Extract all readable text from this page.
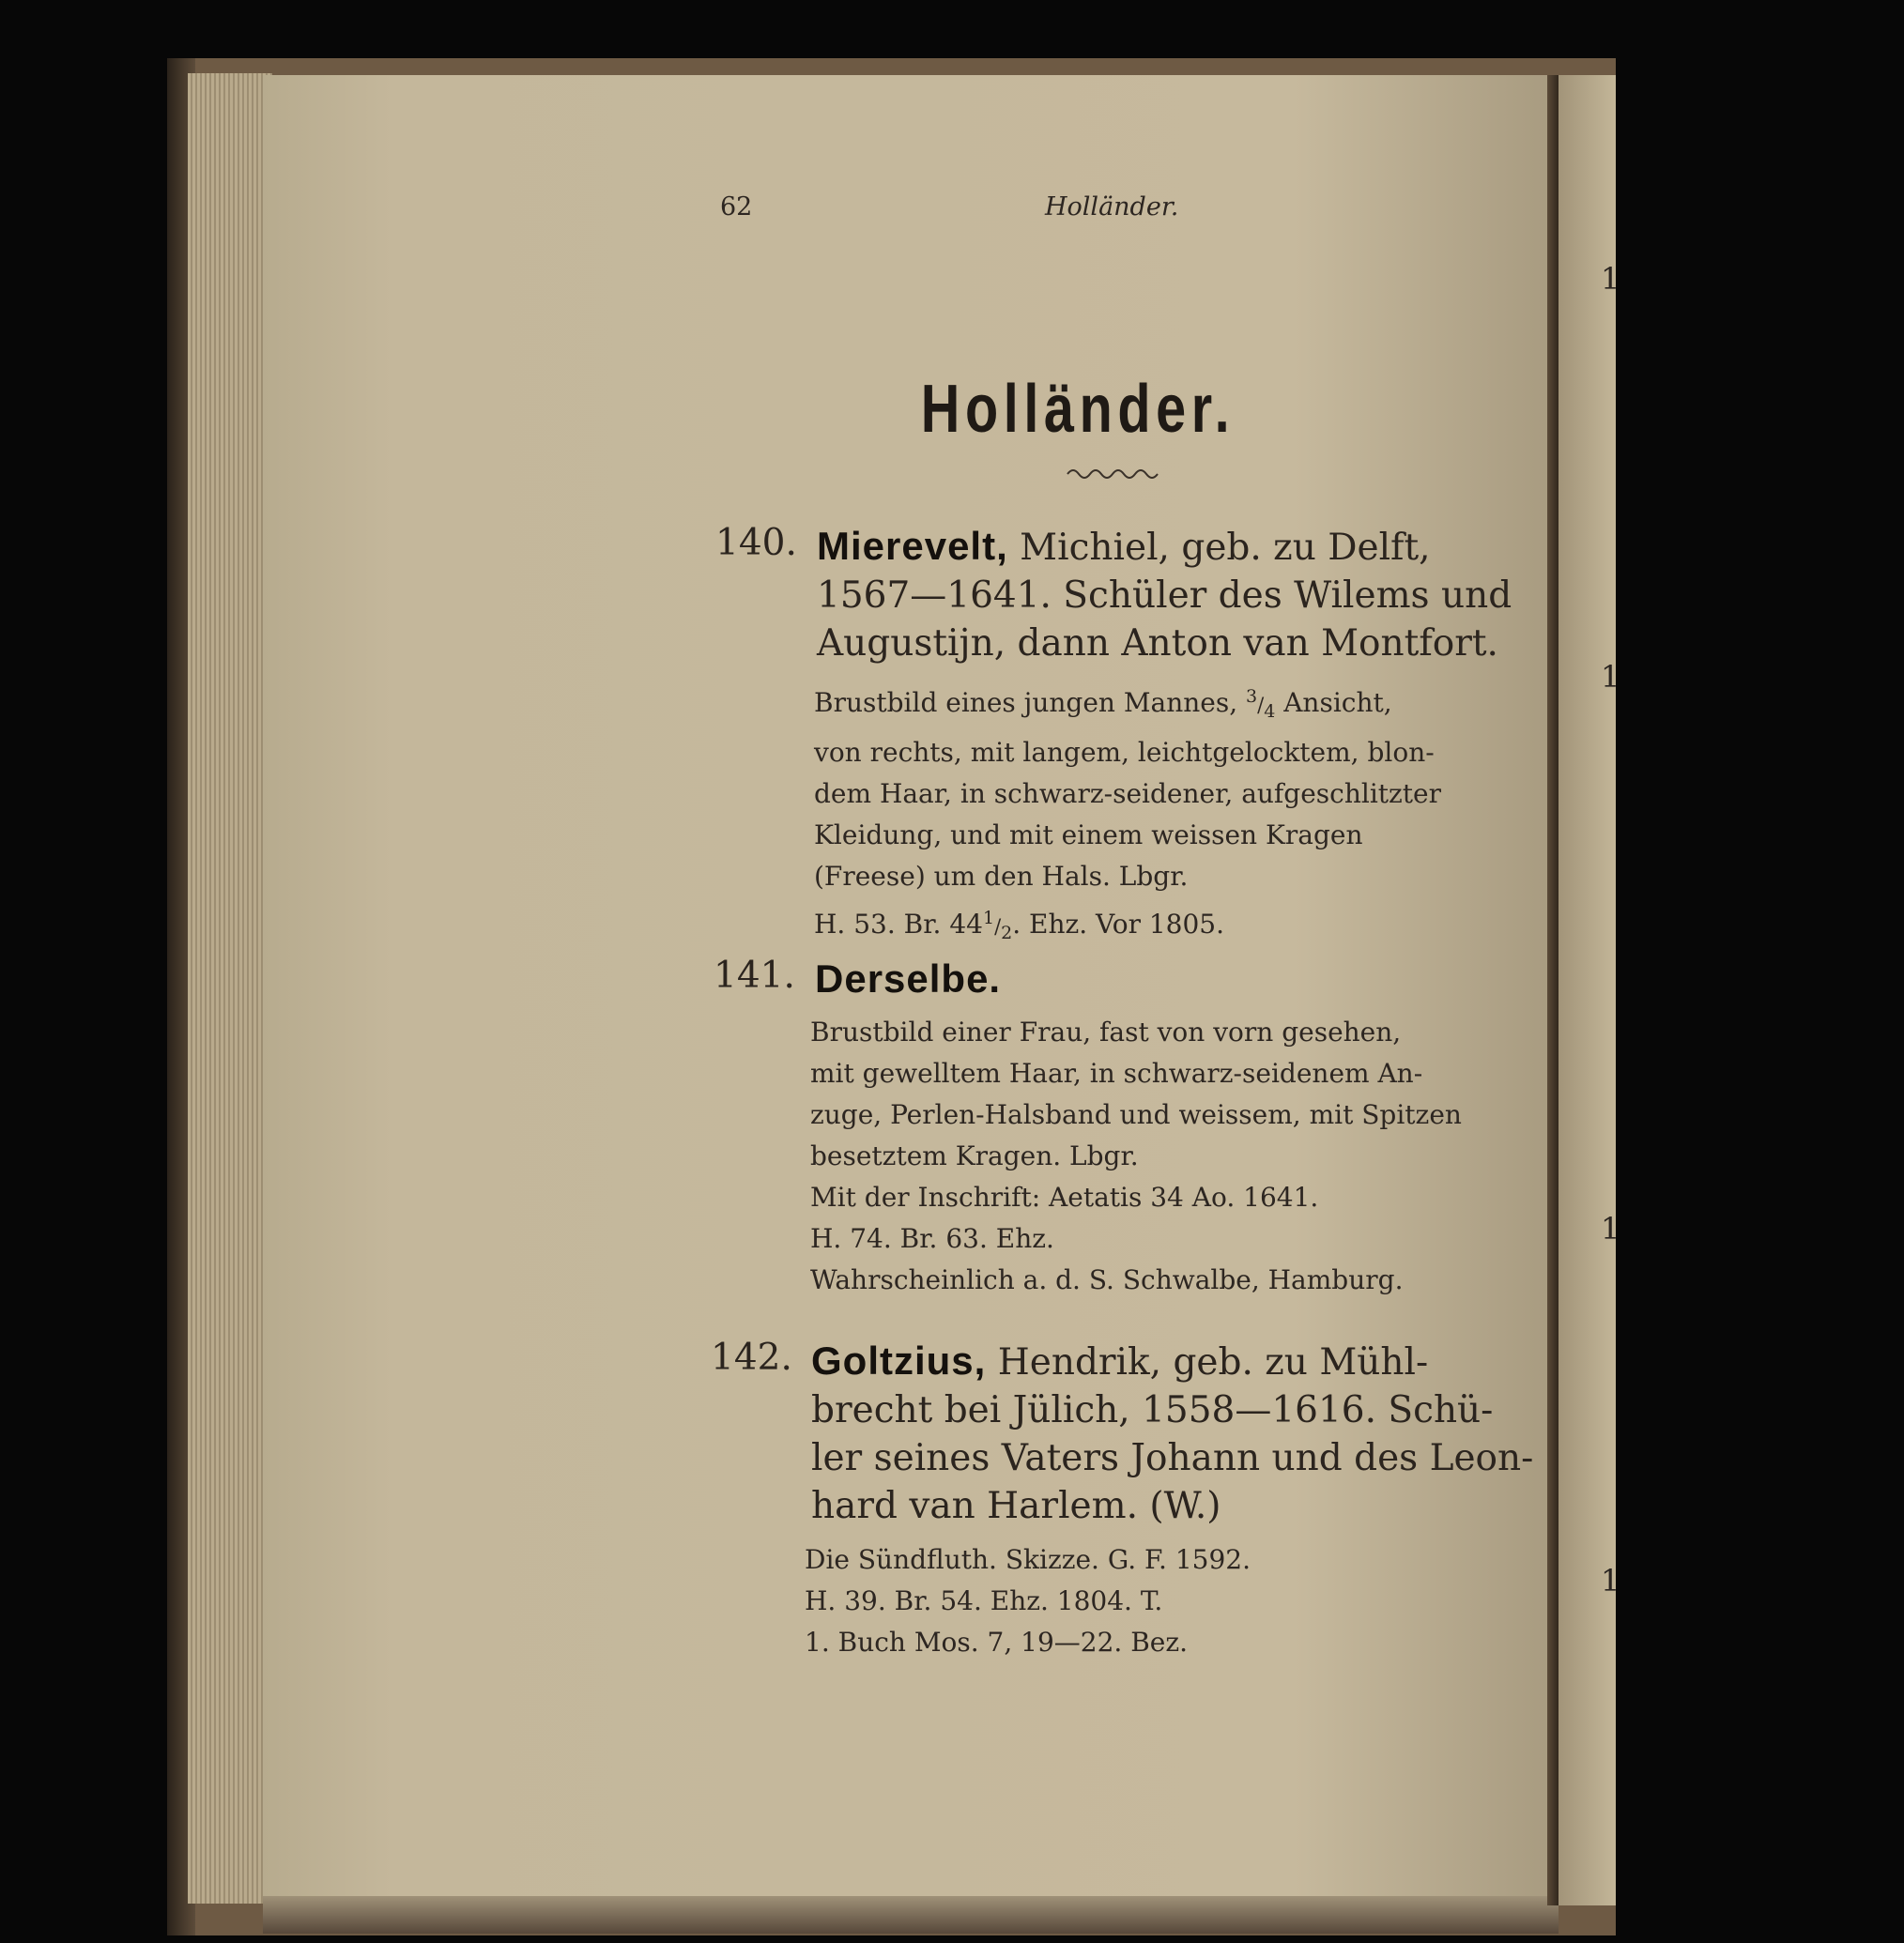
62	Holländer.
Holländer.
140. Mierevelt, Michiel, geb. zu Delft,
1567—1641. Schüler des Wilems und
Augustijn, dann Anton van Montfort.
Brustbild eines jungen Mannes, 3/4 Ansicht,
von rechts, mit langem, leichtgelocktem, blon-
dem Haar, in schwarz-seidener, aufgeschlitzter
Kleidung, und mit einem weissen Kragen
(Freese) um den Hals. Lbgr.
H. 53. Br. 441/2. Ehz. Vor 1805.
141. Derselbe.
Brustbild einer Frau, fast von vorn gesehen,
mit gewelltem Haar, in schwarz-seidenem An-
zuge, Perlen-Halsband und weissem, mit Spitzen
besetztem Kragen. Lbgr.
Mit der Inschrift: Aetatis 34 Ao. 1641.
H. 74. Br. 63. Ehz.
Wahrscheinlich a. d. S. Schwalbe, Hamburg.
142. Goltzius, Hendrik, geb. zu Mühl-
brecht bei Jülich, 1558—1616. Schü-
ler seines Vaters Johann und des Leon-
hard van Harlem. (W.)
Die Sündfluth. Skizze. G. F. 1592.
H. 39. Br. 54. Ehz. 1804. T.
1. Buch Mos. 7, 19—22. Bez.
1
1
1
1
